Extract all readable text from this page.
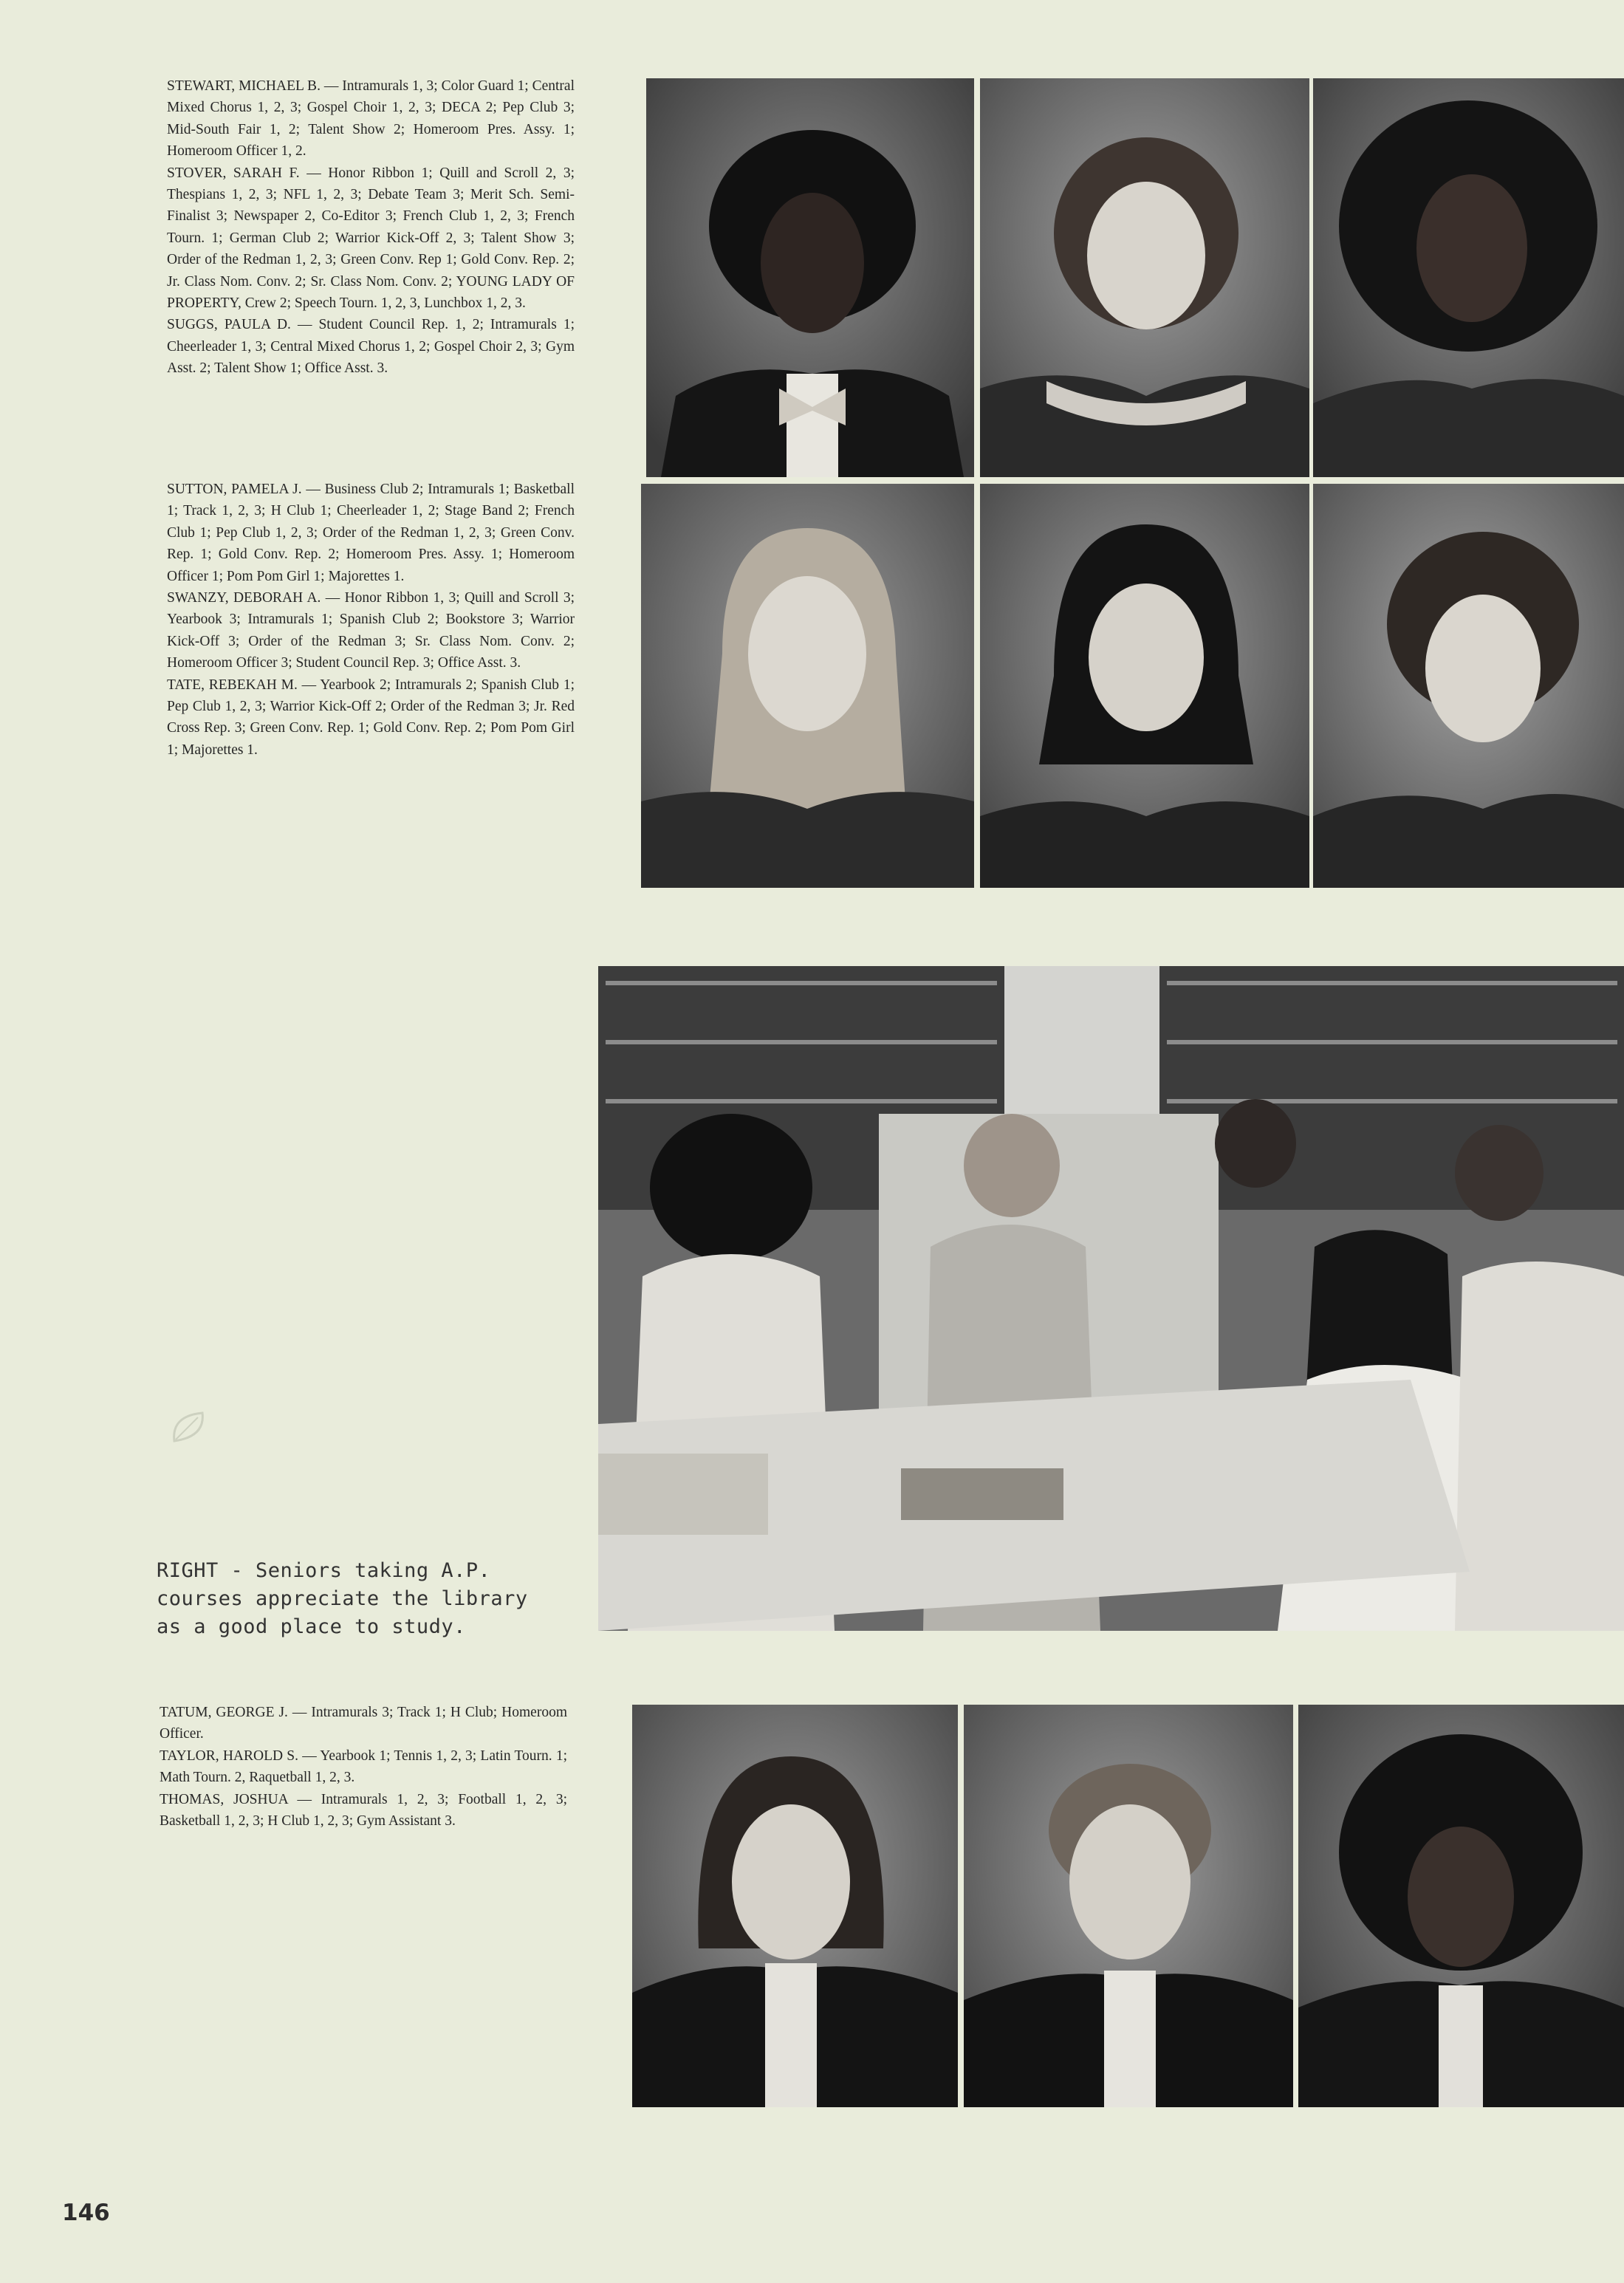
STEWART, MICHAEL B. — Intramurals 1, 3; Color Guard 1; Central Mixed Chorus 1, 2, 3; Gospel Choir 1, 2, 3; DECA 2; Pep Club 3; Mid-South Fair 1, 2; Talent Show 2; Homeroom Pres. Assy. 1; Homeroom Officer 1, 2.

STOVER, SARAH F. — Honor Ribbon 1; Quill and Scroll 2, 3; Thespians 1, 2, 3; NFL 1, 2, 3; Debate Team 3; Merit Sch. Semi-Finalist 3; Newspaper 2, Co-Editor 3; French Club 1, 2, 3; French Tourn. 1; German Club 2; Warrior Kick-Off 2, 3; Talent Show 3; Order of the Redman 1, 2, 3; Green Conv. Rep 1; Gold Conv. Rep. 2; Jr. Class Nom. Conv. 2; Sr. Class Nom. Conv. 2; YOUNG LADY OF PROPERTY, Crew 2; Speech Tourn. 1, 2, 3, Lunchbox 1, 2, 3.

SUGGS, PAULA D. — Student Council Rep. 1, 2; Intramurals 1; Cheerleader 1, 3; Central Mixed Chorus 1, 2; Gospel Choir 2, 3; Gym Asst. 2; Talent Show 1; Office Asst. 3.

SUTTON, PAMELA J. — Business Club 2; Intramurals 1; Basketball 1; Track 1, 2, 3; H Club 1; Cheerleader 1, 2; Stage Band 2; French Club 1; Pep Club 1, 2, 3; Order of the Redman 1, 2, 3; Green Conv. Rep. 1; Gold Conv. Rep. 2; Homeroom Pres. Assy. 1; Homeroom Officer 1; Pom Pom Girl 1; Majorettes 1.

SWANZY, DEBORAH A. — Honor Ribbon 1, 3; Quill and Scroll 3; Yearbook 3; Intramurals 1; Spanish Club 2; Bookstore 3; Warrior Kick-Off 3; Order of the Redman 3; Sr. Class Nom. Conv. 2; Homeroom Officer 3; Student Council Rep. 3; Office Asst. 3.

TATE, REBEKAH M. — Yearbook 2; Intramurals 2; Spanish Club 1; Pep Club 1, 2, 3; Warrior Kick-Off 2; Order of the Redman 3; Jr. Red Cross Rep. 3; Green Conv. Rep. 1; Gold Conv. Rep. 2; Pom Pom Girl 1; Majorettes 1.

TATUM, GEORGE J. — Intramurals 3; Track 1; H Club; Homeroom Officer.

TAYLOR, HAROLD S. — Yearbook 1; Tennis 1, 2, 3; Latin Tourn. 1; Math Tourn. 2, Raquetball 1, 2, 3.

THOMAS, JOSHUA — Intramurals 1, 2, 3; Football 1, 2, 3; Basketball 1, 2, 3; H Club 1, 2, 3; Gym Assistant 3.

RIGHT - Seniors taking A.P. courses appreciate the library as a good place to study.
146
